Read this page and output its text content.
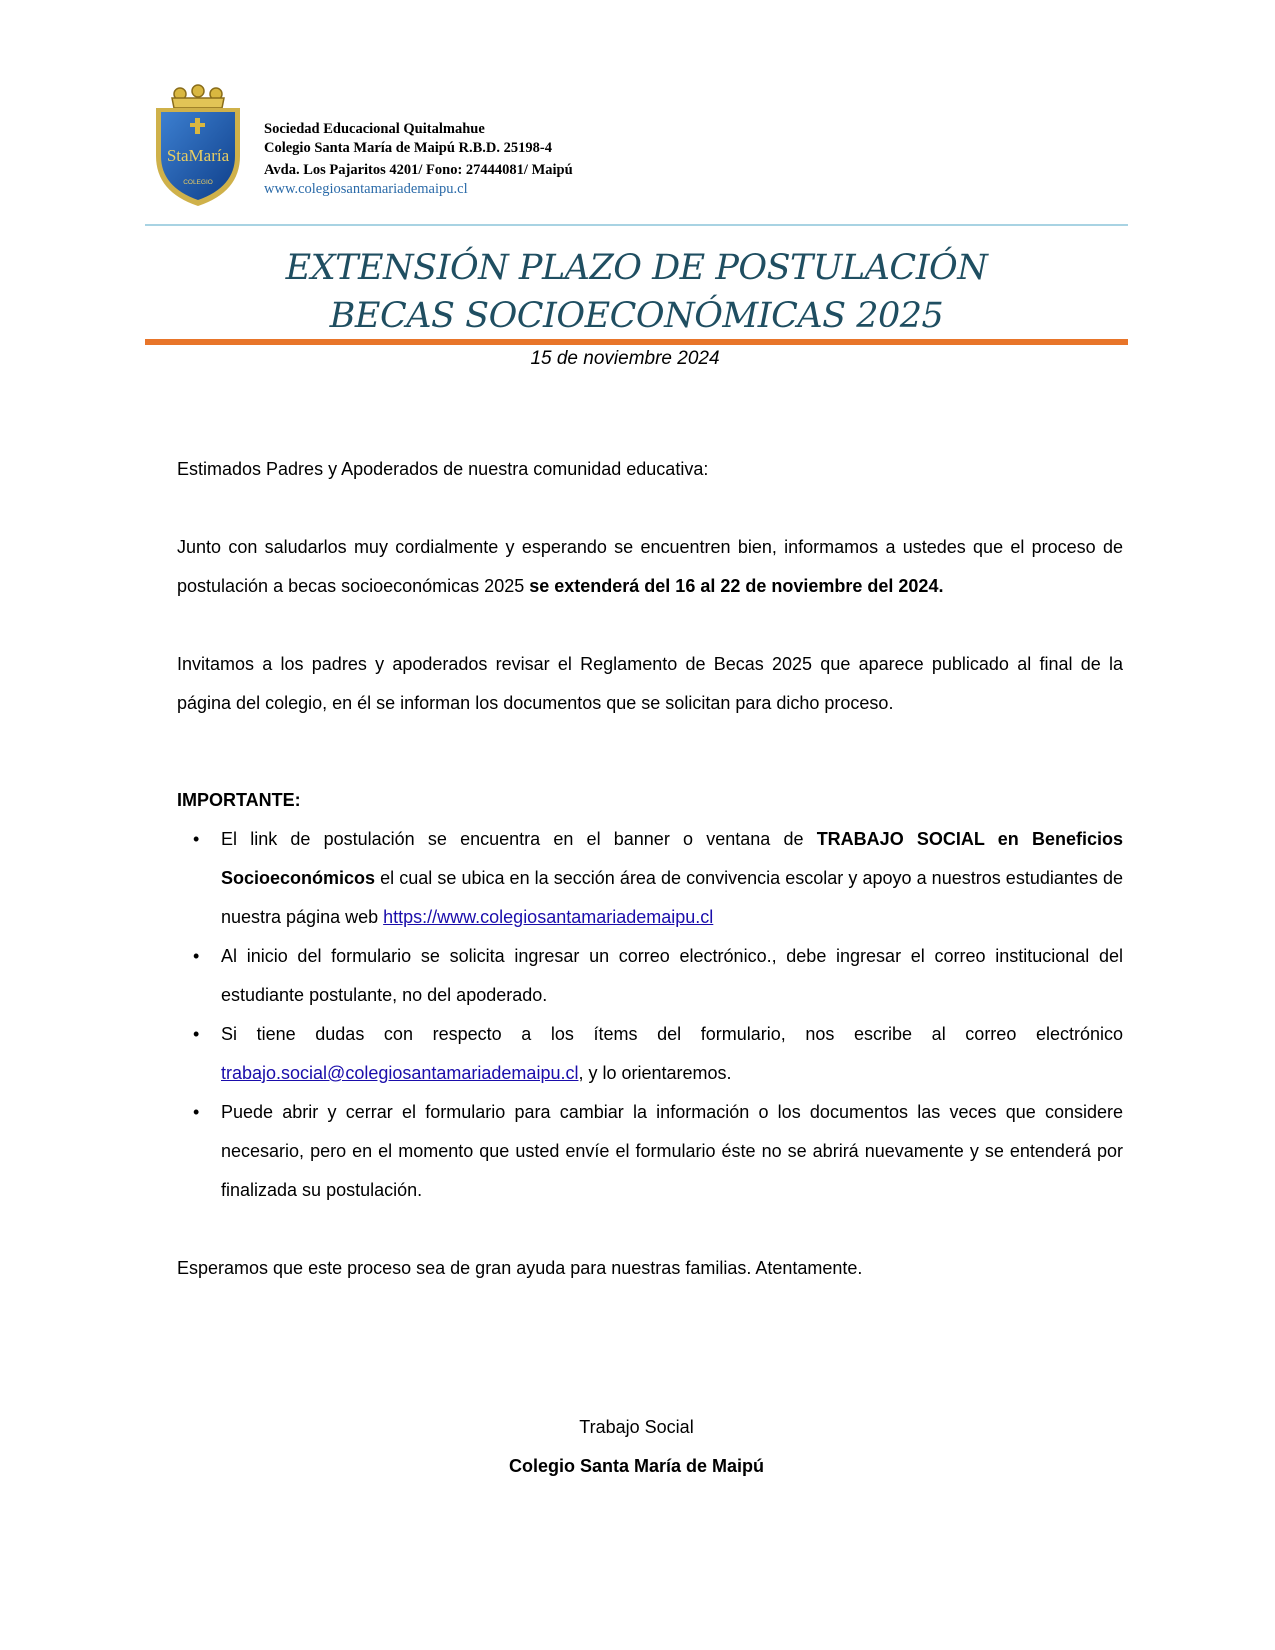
StaMaría
COLEGIO
Sociedad Educacional Quitalmahue
Colegio Santa María de Maipú R.B.D. 25198-4
Avda. Los Pajaritos 4201/ Fono: 27444081/ Maipú
www.colegiosantamariademaipu.cl
EXTENSIÓN PLAZO DE POSTULACIÓN
BECAS SOCIOECONÓMICAS 2025
15 de noviembre 2024

Estimados Padres y Apoderados de nuestra comunidad educativa:

Junto con saludarlos muy cordialmente y esperando se encuentren bien, informamos a ustedes que el proceso de postulación a becas socioeconómicas 2025 se extenderá del 16 al 22 de noviembre del 2024.

Invitamos a los padres y apoderados revisar el Reglamento de Becas 2025 que aparece publicado al final de la página del colegio, en él se informan los documentos que se solicitan para dicho proceso.

IMPORTANTE:

• El link de postulación se encuentra en el banner o ventana de TRABAJO SOCIAL en Beneficios Socioeconómicos el cual se ubica en la sección área de convivencia escolar y apoyo a nuestros estudiantes de nuestra página web https://www.colegiosantamariademaipu.cl
• Al inicio del formulario se solicita ingresar un correo electrónico., debe ingresar el correo institucional del estudiante postulante, no del apoderado.
• Si tiene dudas con respecto a los ítems del formulario, nos escribe al correo electrónico trabajo.social@colegiosantamariademaipu.cl, y lo orientaremos.
• Puede abrir y cerrar el formulario para cambiar la información o los documentos las veces que considere necesario, pero en el momento que usted envíe el formulario éste no se abrirá nuevamente y se entenderá por finalizada su postulación.

Esperamos que este proceso sea de gran ayuda para nuestras familias. Atentamente.

Trabajo Social
Colegio Santa María de Maipú
